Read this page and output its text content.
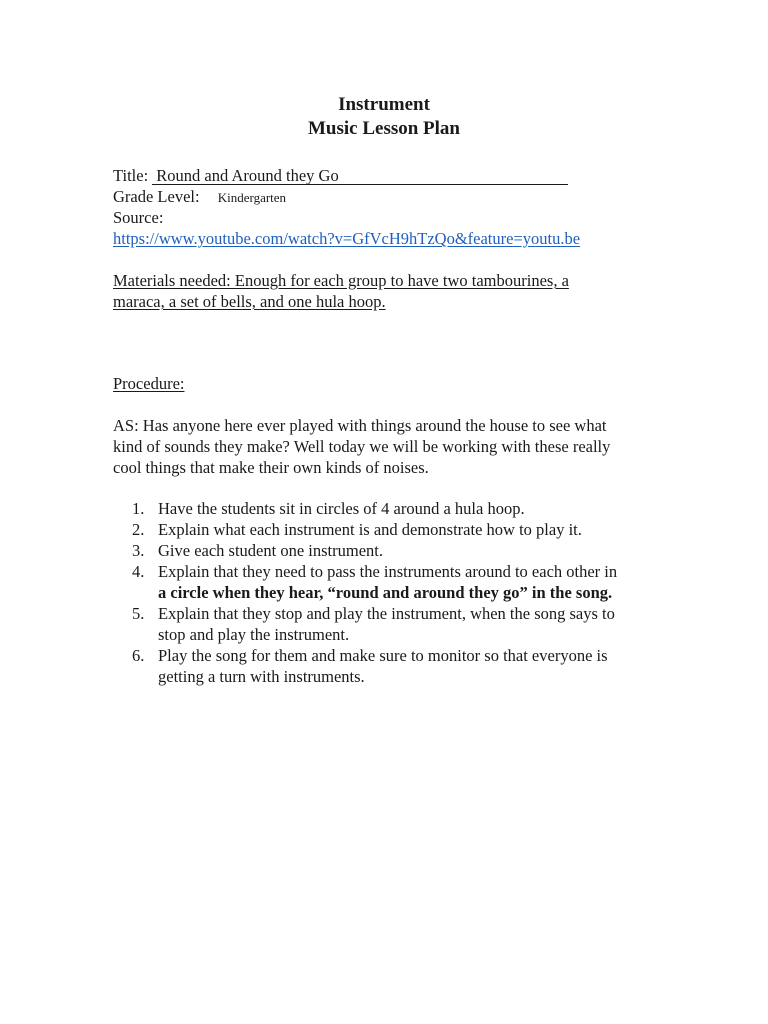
Instrument
Music Lesson Plan
Title: Round and Around they Go
Grade Level: Kindergarten
Source:
https://www.youtube.com/watch?v=GfVcH9hTzQo&feature=youtu.be
Materials needed: Enough for each group to have two tambourines, a
maraca, a set of bells, and one hula hoop.
Procedure:
AS: Has anyone here ever played with things around the house to see what
kind of sounds they make? Well today we will be working with these really
cool things that make their own kinds of noises.
1. Have the students sit in circles of 4 around a hula hoop.
2. Explain what each instrument is and demonstrate how to play it.
3. Give each student one instrument.
4. Explain that they need to pass the instruments around to each other in
a circle when they hear, “round and around they go” in the song.
5. Explain that they stop and play the instrument, when the song says to
stop and play the instrument.
6. Play the song for them and make sure to monitor so that everyone is
getting a turn with instruments.
